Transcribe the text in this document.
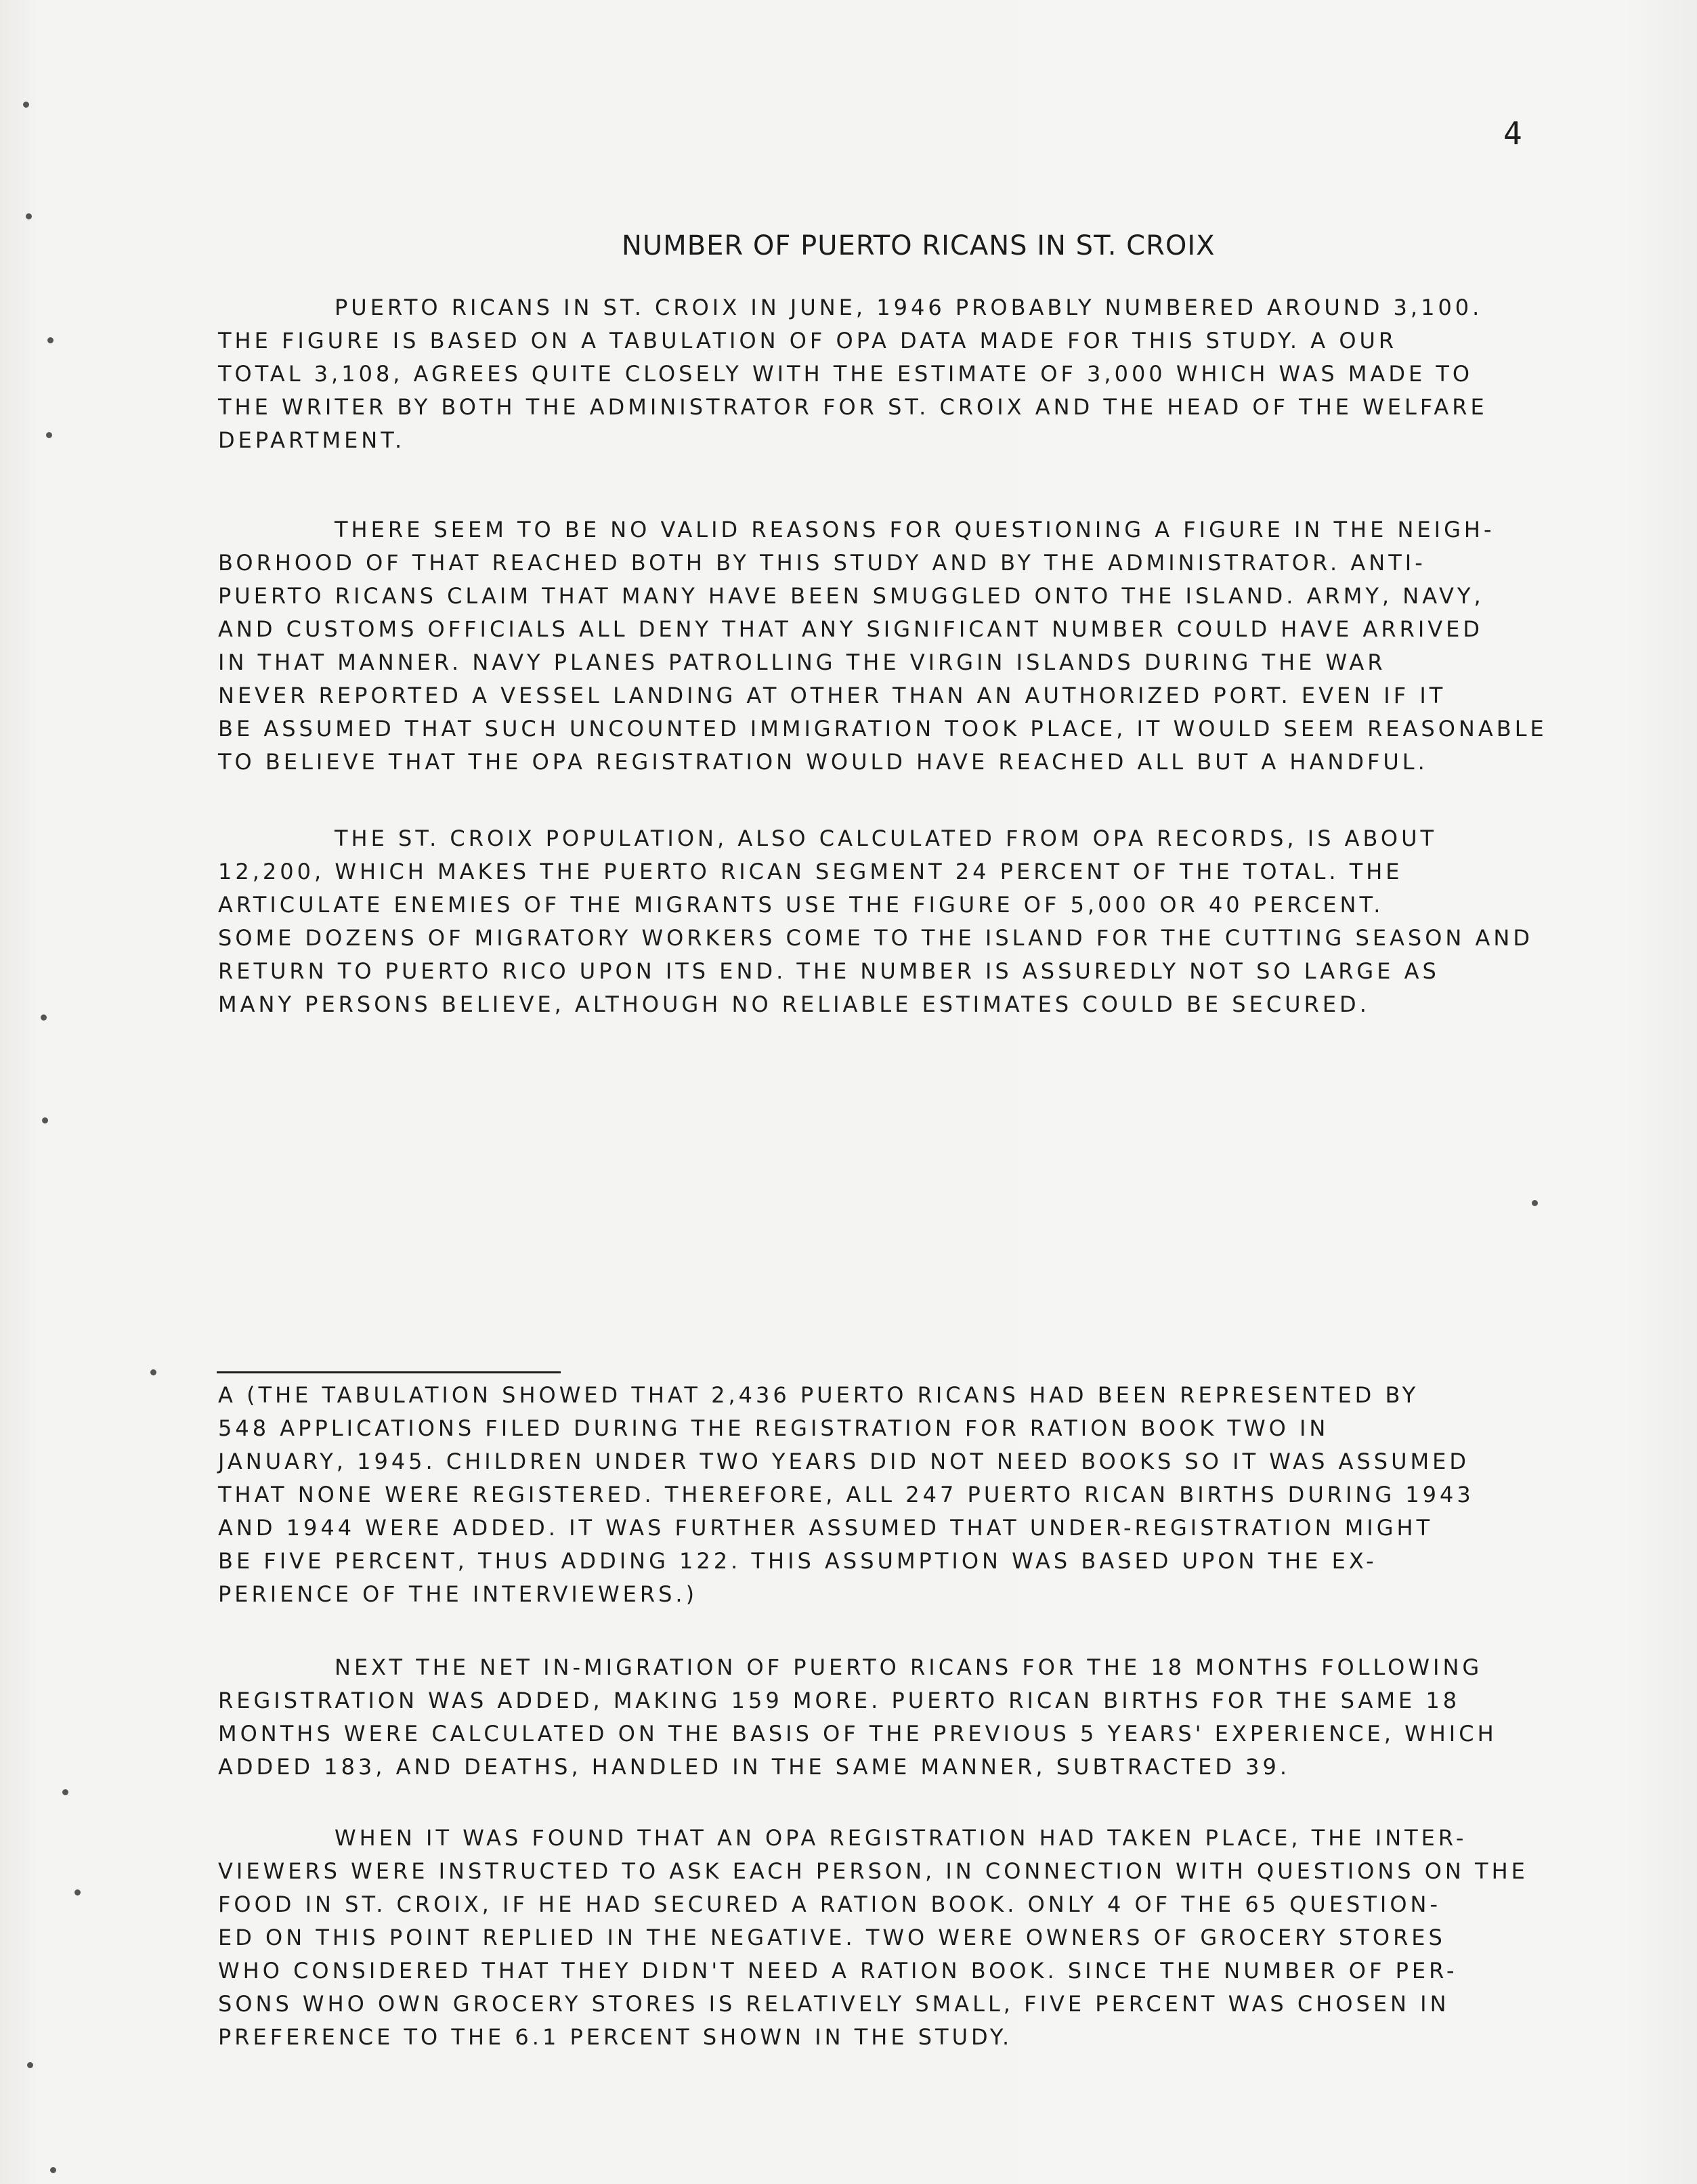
4
NUMBER OF PUERTO RICANS IN ST. CROIX
PUERTO RICANS IN ST. CROIX IN JUNE, 1946 PROBABLY NUMBERED AROUND 3,100.
THE FIGURE IS BASED ON A TABULATION OF OPA DATA MADE FOR THIS STUDY. A OUR
TOTAL 3,108, AGREES QUITE CLOSELY WITH THE ESTIMATE OF 3,000 WHICH WAS MADE TO
THE WRITER BY BOTH THE ADMINISTRATOR FOR ST. CROIX AND THE HEAD OF THE WELFARE
DEPARTMENT.
THERE SEEM TO BE NO VALID REASONS FOR QUESTIONING A FIGURE IN THE NEIGH-
BORHOOD OF THAT REACHED BOTH BY THIS STUDY AND BY THE ADMINISTRATOR. ANTI-
PUERTO RICANS CLAIM THAT MANY HAVE BEEN SMUGGLED ONTO THE ISLAND. ARMY, NAVY,
AND CUSTOMS OFFICIALS ALL DENY THAT ANY SIGNIFICANT NUMBER COULD HAVE ARRIVED
IN THAT MANNER. NAVY PLANES PATROLLING THE VIRGIN ISLANDS DURING THE WAR
NEVER REPORTED A VESSEL LANDING AT OTHER THAN AN AUTHORIZED PORT. EVEN IF IT
BE ASSUMED THAT SUCH UNCOUNTED IMMIGRATION TOOK PLACE, IT WOULD SEEM REASONABLE
TO BELIEVE THAT THE OPA REGISTRATION WOULD HAVE REACHED ALL BUT A HANDFUL.
THE ST. CROIX POPULATION, ALSO CALCULATED FROM OPA RECORDS, IS ABOUT
12,200, WHICH MAKES THE PUERTO RICAN SEGMENT 24 PERCENT OF THE TOTAL. THE
ARTICULATE ENEMIES OF THE MIGRANTS USE THE FIGURE OF 5,000 OR 40 PERCENT.
SOME DOZENS OF MIGRATORY WORKERS COME TO THE ISLAND FOR THE CUTTING SEASON AND
RETURN TO PUERTO RICO UPON ITS END. THE NUMBER IS ASSUREDLY NOT SO LARGE AS
MANY PERSONS BELIEVE, ALTHOUGH NO RELIABLE ESTIMATES COULD BE SECURED.
A (THE TABULATION SHOWED THAT 2,436 PUERTO RICANS HAD BEEN REPRESENTED BY
548 APPLICATIONS FILED DURING THE REGISTRATION FOR RATION BOOK TWO IN
JANUARY, 1945. CHILDREN UNDER TWO YEARS DID NOT NEED BOOKS SO IT WAS ASSUMED
THAT NONE WERE REGISTERED. THEREFORE, ALL 247 PUERTO RICAN BIRTHS DURING 1943
AND 1944 WERE ADDED. IT WAS FURTHER ASSUMED THAT UNDER-REGISTRATION MIGHT
BE FIVE PERCENT, THUS ADDING 122. THIS ASSUMPTION WAS BASED UPON THE EX-
PERIENCE OF THE INTERVIEWERS.)
NEXT THE NET IN-MIGRATION OF PUERTO RICANS FOR THE 18 MONTHS FOLLOWING
REGISTRATION WAS ADDED, MAKING 159 MORE. PUERTO RICAN BIRTHS FOR THE SAME 18
MONTHS WERE CALCULATED ON THE BASIS OF THE PREVIOUS 5 YEARS' EXPERIENCE, WHICH
ADDED 183, AND DEATHS, HANDLED IN THE SAME MANNER, SUBTRACTED 39.
WHEN IT WAS FOUND THAT AN OPA REGISTRATION HAD TAKEN PLACE, THE INTER-
VIEWERS WERE INSTRUCTED TO ASK EACH PERSON, IN CONNECTION WITH QUESTIONS ON THE
FOOD IN ST. CROIX, IF HE HAD SECURED A RATION BOOK. ONLY 4 OF THE 65 QUESTION-
ED ON THIS POINT REPLIED IN THE NEGATIVE. TWO WERE OWNERS OF GROCERY STORES
WHO CONSIDERED THAT THEY DIDN'T NEED A RATION BOOK. SINCE THE NUMBER OF PER-
SONS WHO OWN GROCERY STORES IS RELATIVELY SMALL, FIVE PERCENT WAS CHOSEN IN
PREFERENCE TO THE 6.1 PERCENT SHOWN IN THE STUDY.
